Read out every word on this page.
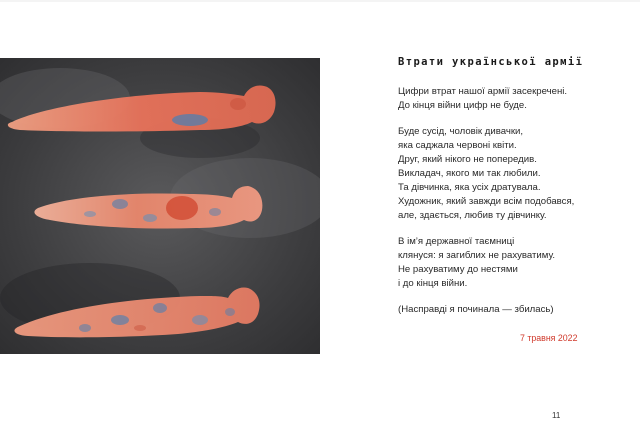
Втрати української армії
Цифри втрат нашої армії засекречені.
До кінця війни цифр не буде.
Буде сусід, чоловік дивачки,
яка саджала червоні квіти.
Друг, який нікого не попередив.
Викладач, якого ми так любили.
Та дівчинка, яка усіх дратувала.
Художник, який завжди всім подобався,
але, здається, любив ту дівчинку.
В ім’я державної таємниці
клянуся: я загиблих не рахуватиму.
Не рахуватиму до нестями
і до кінця війни.
(Насправді я починала — збилась)
7 травня 2022
11
